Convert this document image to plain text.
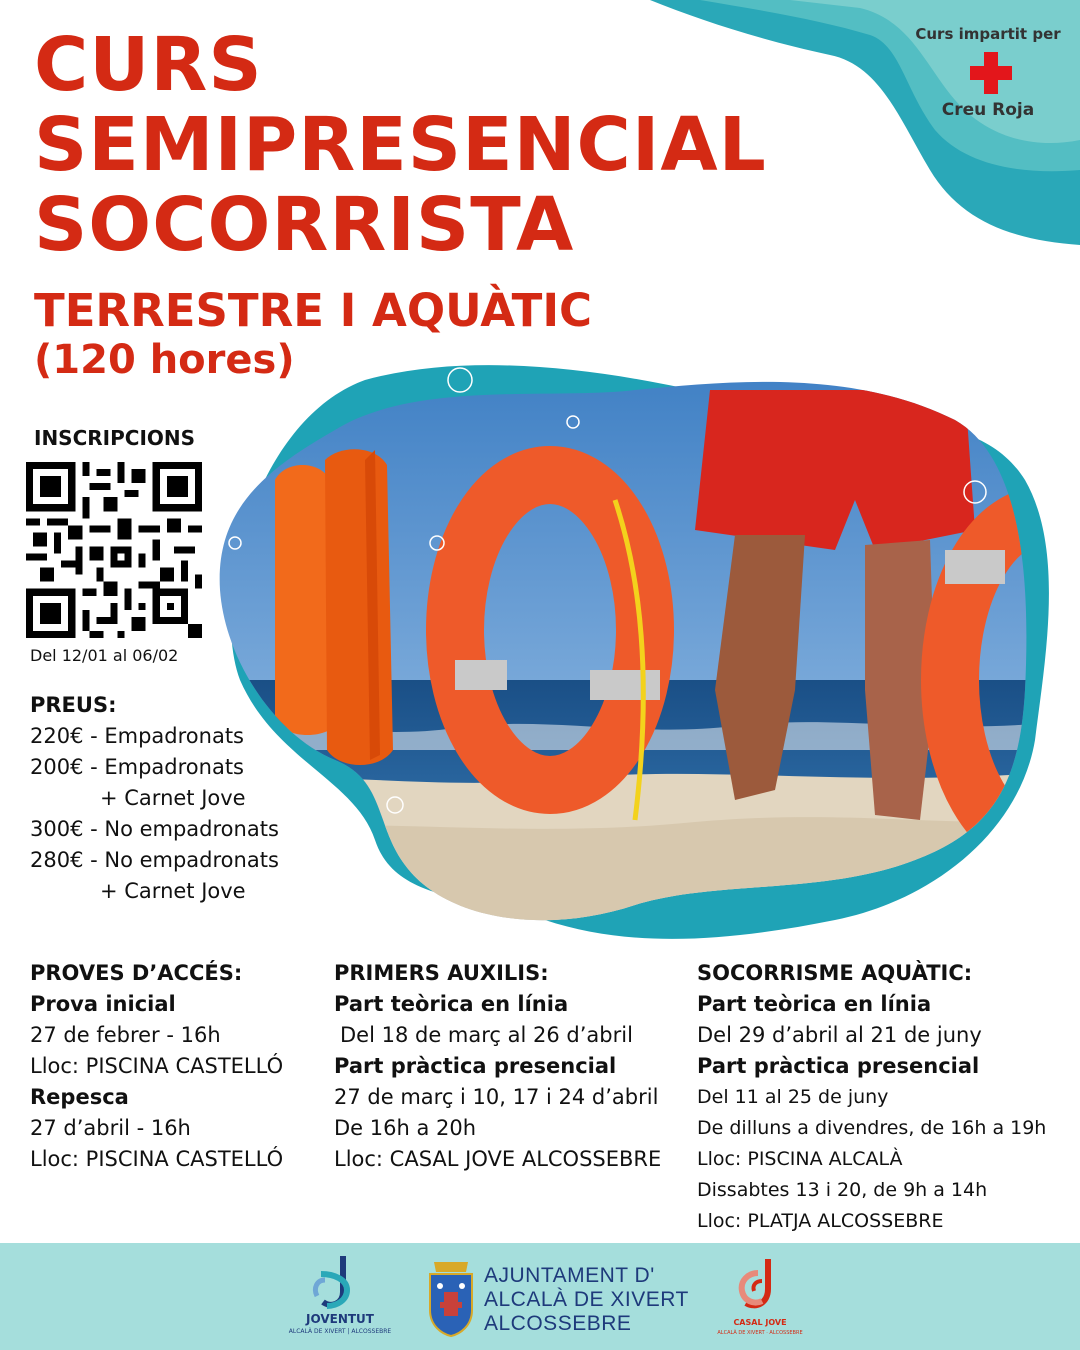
Curs impartit per
Creu Roja
CURS
SEMIPRESENCIAL
SOCORRISTA
TERRESTRE I AQUÀTIC
(120 hores)
INSCRIPCIONS
Del 12/01 al 06/02
PREUS:
220€ - Empadronats
200€ - Empadronats
+ Carnet Jove
300€ - No empadronats
280€ - No empadronats
+ Carnet Jove
PROVES D’ACCÉS:
Prova inicial
27 de febrer - 16h
Lloc: PISCINA CASTELLÓ
Repesca
27 d’abril - 16h
Lloc: PISCINA CASTELLÓ
PRIMERS AUXILIS:
Part teòrica en línia
Del 18 de març al 26 d’abril
Part pràctica presencial
27 de març i 10, 17 i 24 d’abril
De 16h a 20h
Lloc: CASAL JOVE ALCOSSEBRE
SOCORRISME AQUÀTIC:
Part teòrica en línia
Del 29 d’abril al 21 de juny
Part pràctica presencial
Del 11 al 25 de juny
De dilluns a divendres, de 16h a 19h
Lloc: PISCINA ALCALÀ
Dissabtes 13 i 20, de 9h a 14h
Lloc: PLATJA ALCOSSEBRE
JOVENTUT
ALCALÀ DE XIVERT | ALCOSSEBRE
AJUNTAMENT D'
ALCALÀ DE XIVERT
ALCOSSEBRE	CASAL JOVE
ALCALÀ DE XIVERT · ALCOSSEBRE
